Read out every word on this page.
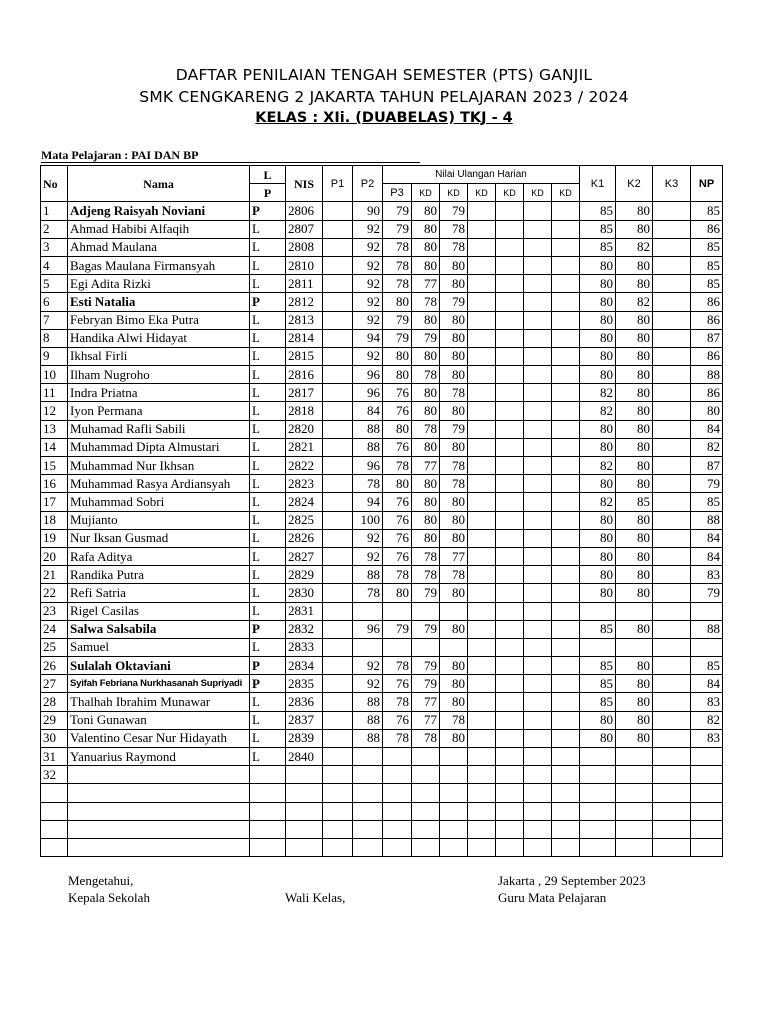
DAFTAR PENILAIAN TENGAH SEMESTER (PTS) GANJIL
SMK CENGKARENG 2 JAKARTA TAHUN PELAJARAN 2023 / 2024
KELAS : XIi. (DUABELAS) TKJ - 4
Mata Pelajaran : PAI DAN BP
No	Nama	L	NIS	P1	P2	Nilai Ulangan Harian							K1	K2	K3	NP
		P				P3	KD	KD	KD	KD	KD	KD				
1	Adjeng Raisyah Noviani	P	2806		90	79	80	79					85	80		85
2	Ahmad Habibi Alfaqih	L	2807		92	79	80	78					85	80		86
3	Ahmad Maulana	L	2808		92	78	80	78					85	82		85
4	Bagas Maulana Firmansyah	L	2810		92	78	80	80					80	80		85
5	Egi Adita Rizki	L	2811		92	78	77	80					80	80		85
6	Esti Natalia	P	2812		92	80	78	79					80	82		86
7	Febryan Bimo Eka Putra	L	2813		92	79	80	80					80	80		86
8	Handika Alwi Hidayat	L	2814		94	79	79	80					80	80		87
9	Ikhsal Firli	L	2815		92	80	80	80					80	80		86
10	Ilham Nugroho	L	2816		96	80	78	80					80	80		88
11	Indra Priatna	L	2817		96	76	80	78					82	80		86
12	Iyon Permana	L	2818		84	76	80	80					82	80		80
13	Muhamad Rafli Sabili	L	2820		88	80	78	79					80	80		84
14	Muhammad Dipta Almustari	L	2821		88	76	80	80					80	80		82
15	Muhammad Nur Ikhsan	L	2822		96	78	77	78					82	80		87
16	Muhammad Rasya Ardiansyah	L	2823		78	80	80	78					80	80		79
17	Muhammad Sobri	L	2824		94	76	80	80					82	85		85
18	Mujianto	L	2825		100	76	80	80					80	80		88
19	Nur Iksan Gusmad	L	2826		92	76	80	80					80	80		84
20	Rafa Aditya	L	2827		92	76	78	77					80	80		84
21	Randika Putra	L	2829		88	78	78	78					80	80		83
22	Refi Satria	L	2830		78	80	79	80					80	80		79
23	Rigel Casilas	L	2831													
24	Salwa Salsabila	P	2832		96	79	79	80					85	80		88
25	Samuel	L	2833													
26	Sulalah Oktaviani	P	2834		92	78	79	80					85	80		85
27	Syifah Febriana Nurkhasanah Supriyadi	P	2835		92	76	79	80					85	80		84
28	Thalhah Ibrahim Munawar	L	2836		88	78	77	80					85	80		83
29	Toni Gunawan	L	2837		88	76	77	78					80	80		82
30	Valentino Cesar Nur Hidayath	L	2839		88	78	78	80					80	80		83
31	Yanuarius Raymond	L	2840													
32																

Mengetahui,
Kepala Sekolah	Wali Kelas,
Jakarta , 29 September 2023
Guru Mata Pelajaran
